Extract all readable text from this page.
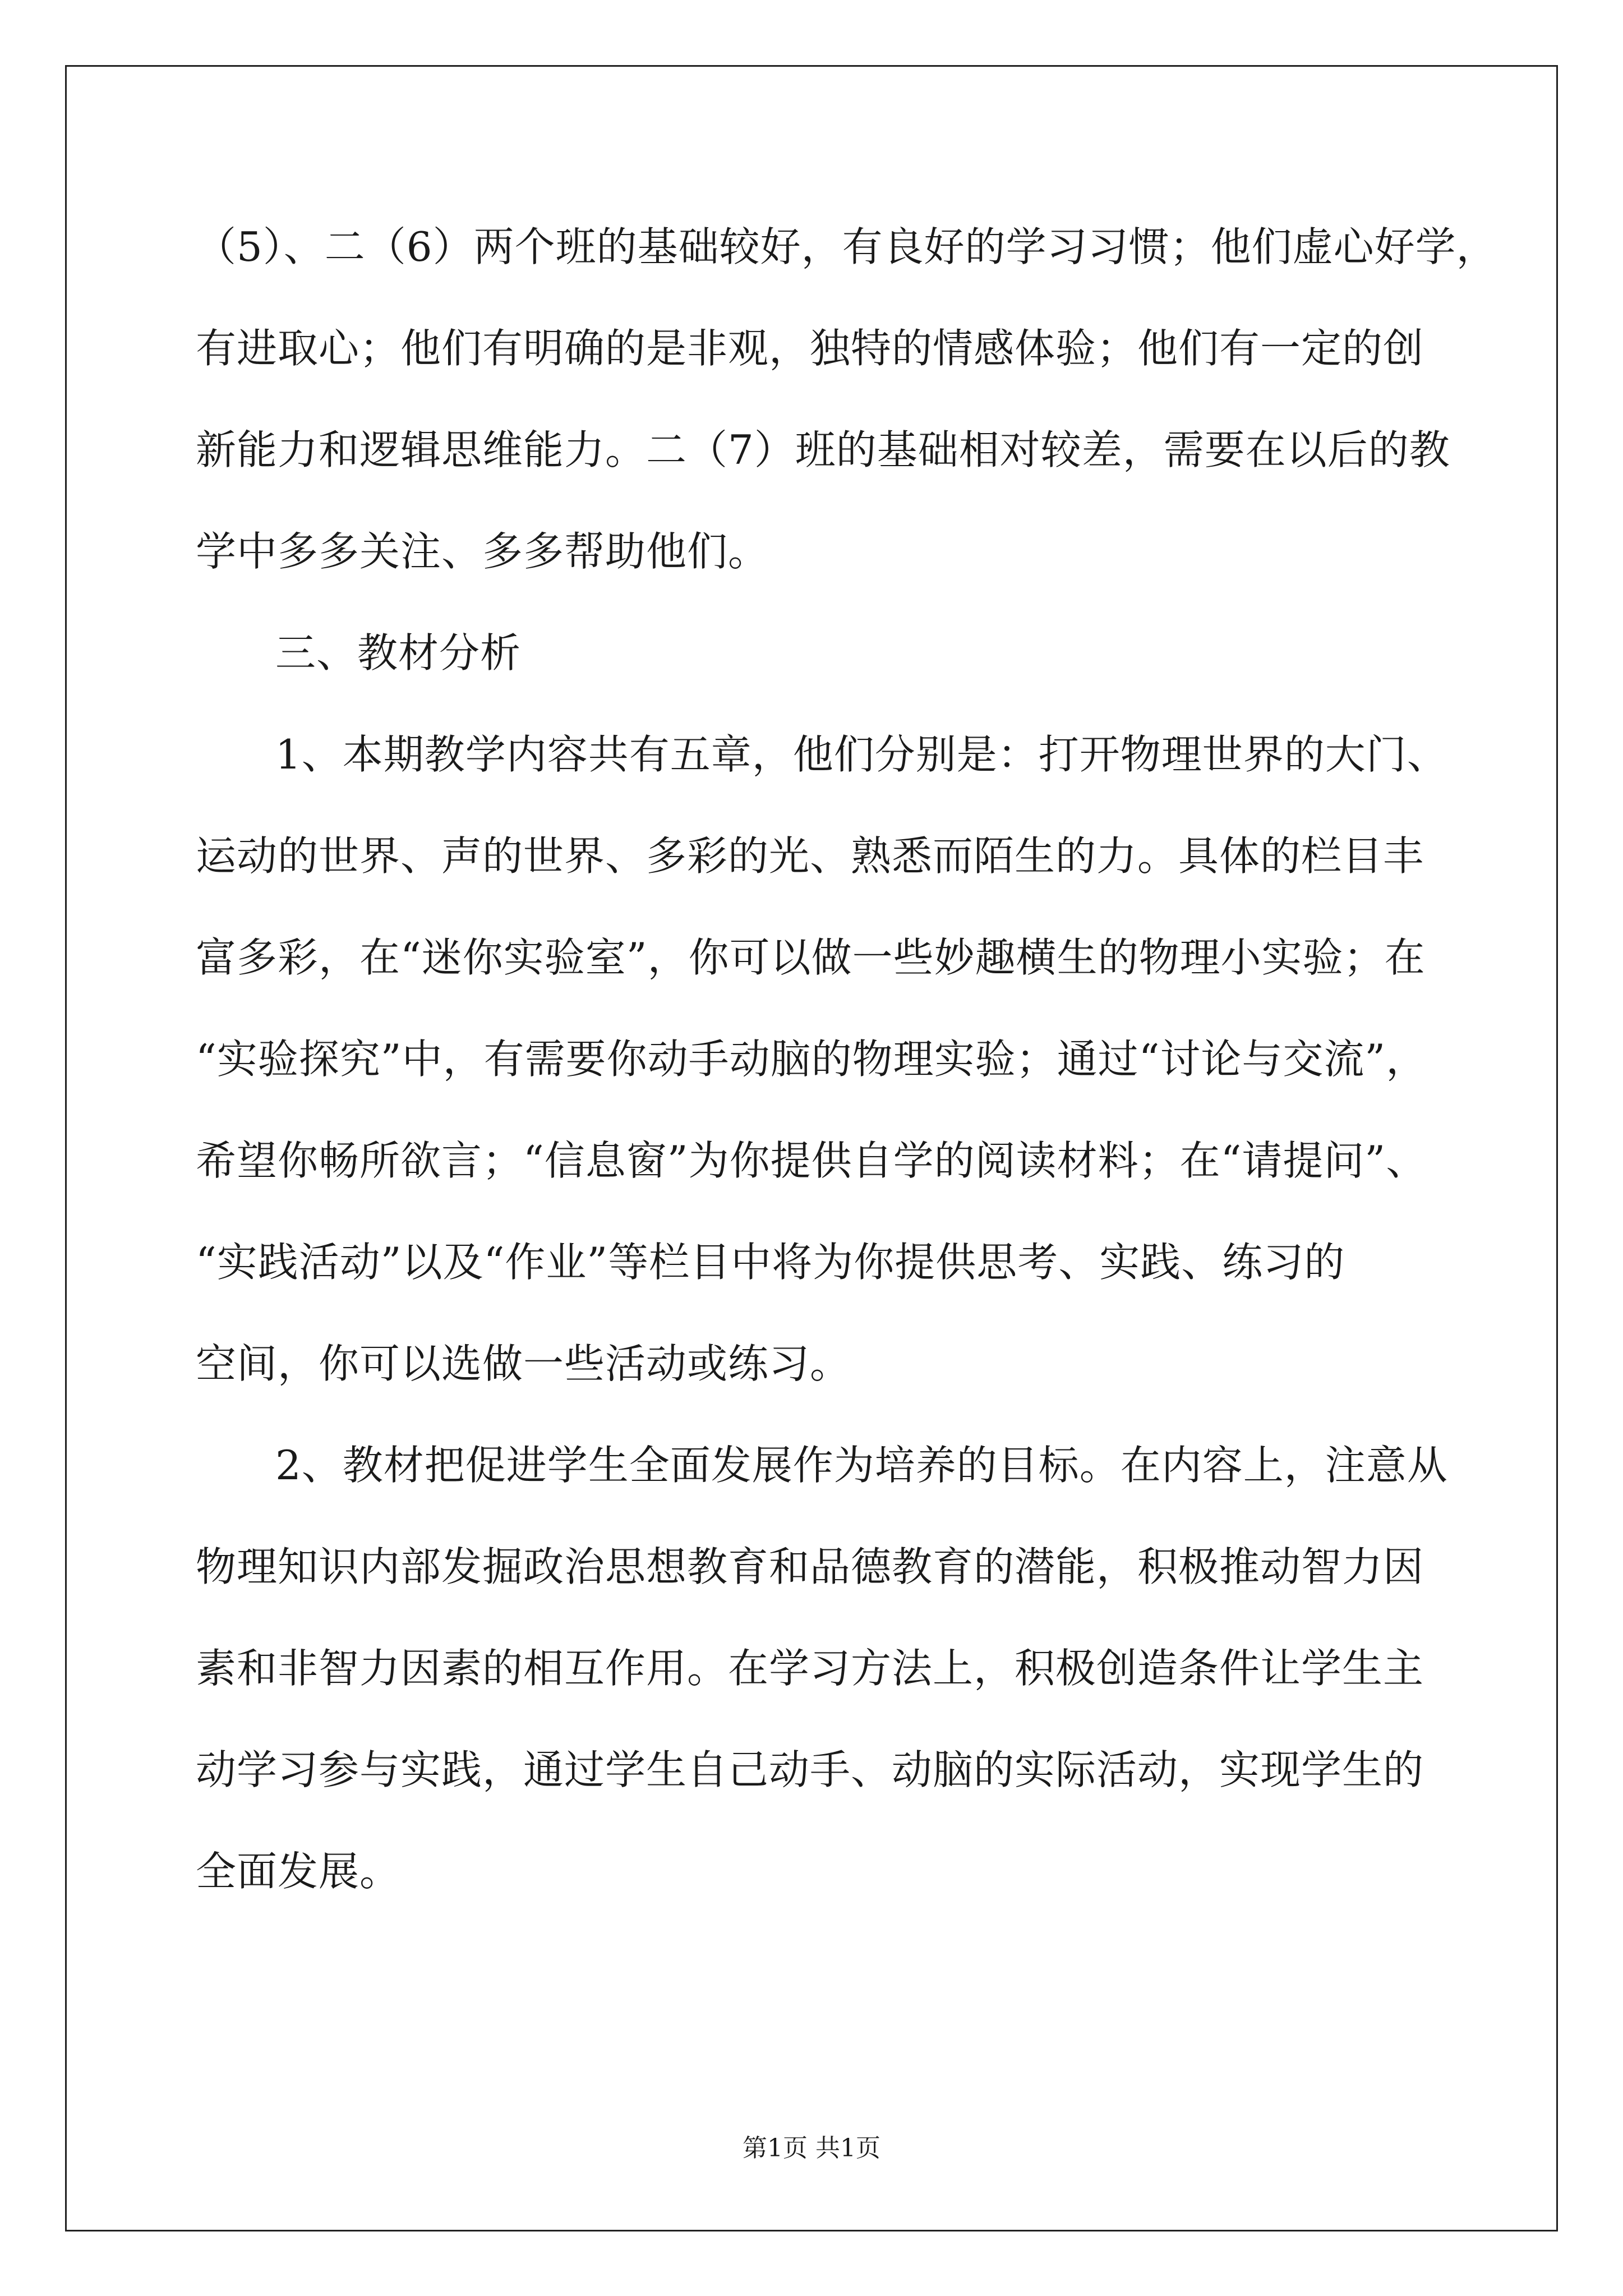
（5）、二（6）两个班的基础较好，有良好的学习习惯；他们虚心好学，

有进取心；他们有明确的是非观，独特的情感体验；他们有一定的创

新能力和逻辑思维能力。二（7）班的基础相对较差，需要在以后的教

学中多多关注、多多帮助他们。

三、教材分析

1、本期教学内容共有五章，他们分别是：打开物理世界的大门、

运动的世界、声的世界、多彩的光、熟悉而陌生的力。具体的栏目丰

富多彩，在“迷你实验室”，你可以做一些妙趣横生的物理小实验；在

“实验探究”中，有需要你动手动脑的物理实验；通过“讨论与交流”，

希望你畅所欲言；“信息窗”为你提供自学的阅读材料；在“请提问”、

“实践活动”以及“作业”等栏目中将为你提供思考、实践、练习的

空间，你可以选做一些活动或练习。

2、教材把促进学生全面发展作为培养的目标。在内容上，注意从

物理知识内部发掘政治思想教育和品德教育的潜能，积极推动智力因

素和非智力因素的相互作用。在学习方法上，积极创造条件让学生主

动学习参与实践，通过学生自己动手、动脑的实际活动，实现学生的

全面发展。

第1页 共1页
